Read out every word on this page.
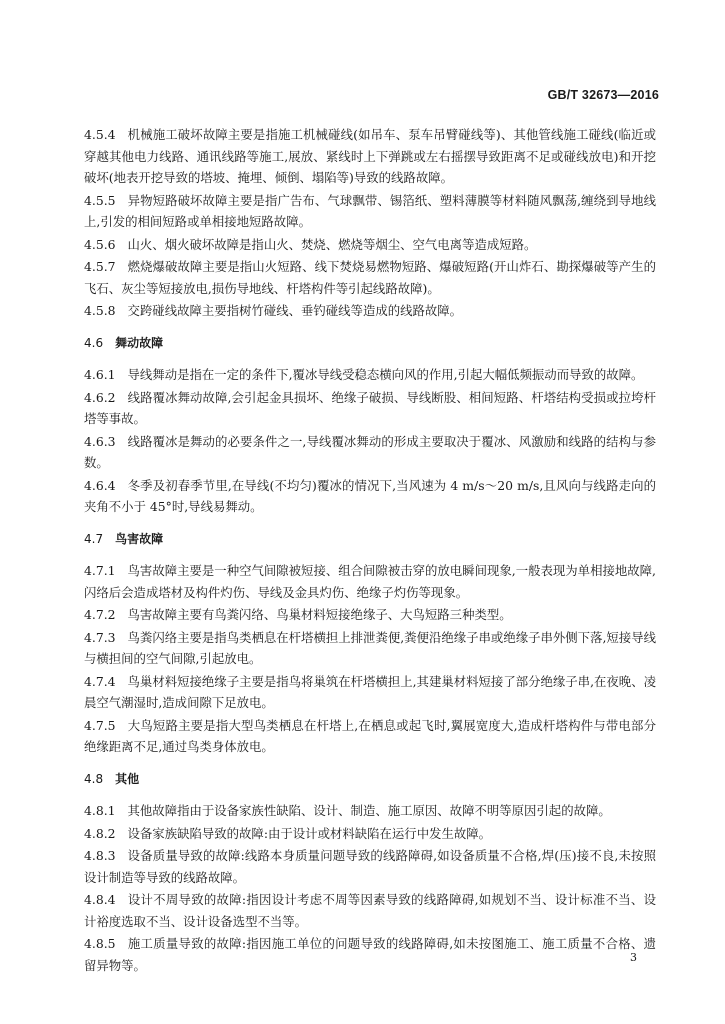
GB/T 32673—2016

4.5.4 机械施工破坏故障主要是指施工机械碰线(如吊车、泵车吊臂碰线等)、其他管线施工碰线(临近或穿越其他电力线路、通讯线路等施工,展放、紧线时上下弹跳或左右摇摆导致距离不足或碰线放电)和开挖破坏(地表开挖导致的塔坡、掩埋、倾倒、塌陷等)导致的线路故障。

4.5.5 异物短路破坏故障主要是指广告布、气球飘带、锡箔纸、塑料薄膜等材料随风飘荡,缠绕到导地线上,引发的相间短路或单相接地短路故障。

4.5.6 山火、烟火破坏故障是指山火、焚烧、燃烧等烟尘、空气电离等造成短路。

4.5.7 燃烧爆破故障主要是指山火短路、线下焚烧易燃物短路、爆破短路(开山炸石、勘探爆破等产生的飞石、灰尘等短接放电,损伤导地线、杆塔构件等引起线路故障)。

4.5.8 交跨碰线故障主要指树竹碰线、垂钓碰线等造成的线路故障。

4.6 舞动故障

4.6.1 导线舞动是指在一定的条件下,覆冰导线受稳态横向风的作用,引起大幅低频振动而导致的故障。

4.6.2 线路覆冰舞动故障,会引起金具损坏、绝缘子破损、导线断股、相间短路、杆塔结构受损或拉垮杆塔等事故。

4.6.3 线路覆冰是舞动的必要条件之一,导线覆冰舞动的形成主要取决于覆冰、风激励和线路的结构与参数。

4.6.4 冬季及初春季节里,在导线(不均匀)覆冰的情况下,当风速为 4 m/s～20 m/s,且风向与线路走向的夹角不小于 45°时,导线易舞动。

4.7 鸟害故障

4.7.1 鸟害故障主要是一种空气间隙被短接、组合间隙被击穿的放电瞬间现象,一般表现为单相接地故障,闪络后会造成塔材及构件灼伤、导线及金具灼伤、绝缘子灼伤等现象。

4.7.2 鸟害故障主要有鸟粪闪络、鸟巢材料短接绝缘子、大鸟短路三种类型。

4.7.3 鸟粪闪络主要是指鸟类栖息在杆塔横担上排泄粪便,粪便沿绝缘子串或绝缘子串外侧下落,短接导线与横担间的空气间隙,引起放电。

4.7.4 鸟巢材料短接绝缘子主要是指鸟将巢筑在杆塔横担上,其建巢材料短接了部分绝缘子串,在夜晚、凌晨空气潮湿时,造成间隙下足放电。

4.7.5 大鸟短路主要是指大型鸟类栖息在杆塔上,在栖息或起飞时,翼展宽度大,造成杆塔构件与带电部分绝缘距离不足,通过鸟类身体放电。

4.8 其他

4.8.1 其他故障指由于设备家族性缺陷、设计、制造、施工原因、故障不明等原因引起的故障。

4.8.2 设备家族缺陷导致的故障:由于设计或材料缺陷在运行中发生故障。

4.8.3 设备质量导致的故障:线路本身质量问题导致的线路障碍,如设备质量不合格,焊(压)接不良,未按照设计制造等导致的线路故障。

4.8.4 设计不周导致的故障:指因设计考虑不周等因素导致的线路障碍,如规划不当、设计标准不当、设计裕度选取不当、设计设备选型不当等。

4.8.5 施工质量导致的故障:指因施工单位的问题导致的线路障碍,如未按图施工、施工质量不合格、遗留异物等。	3
